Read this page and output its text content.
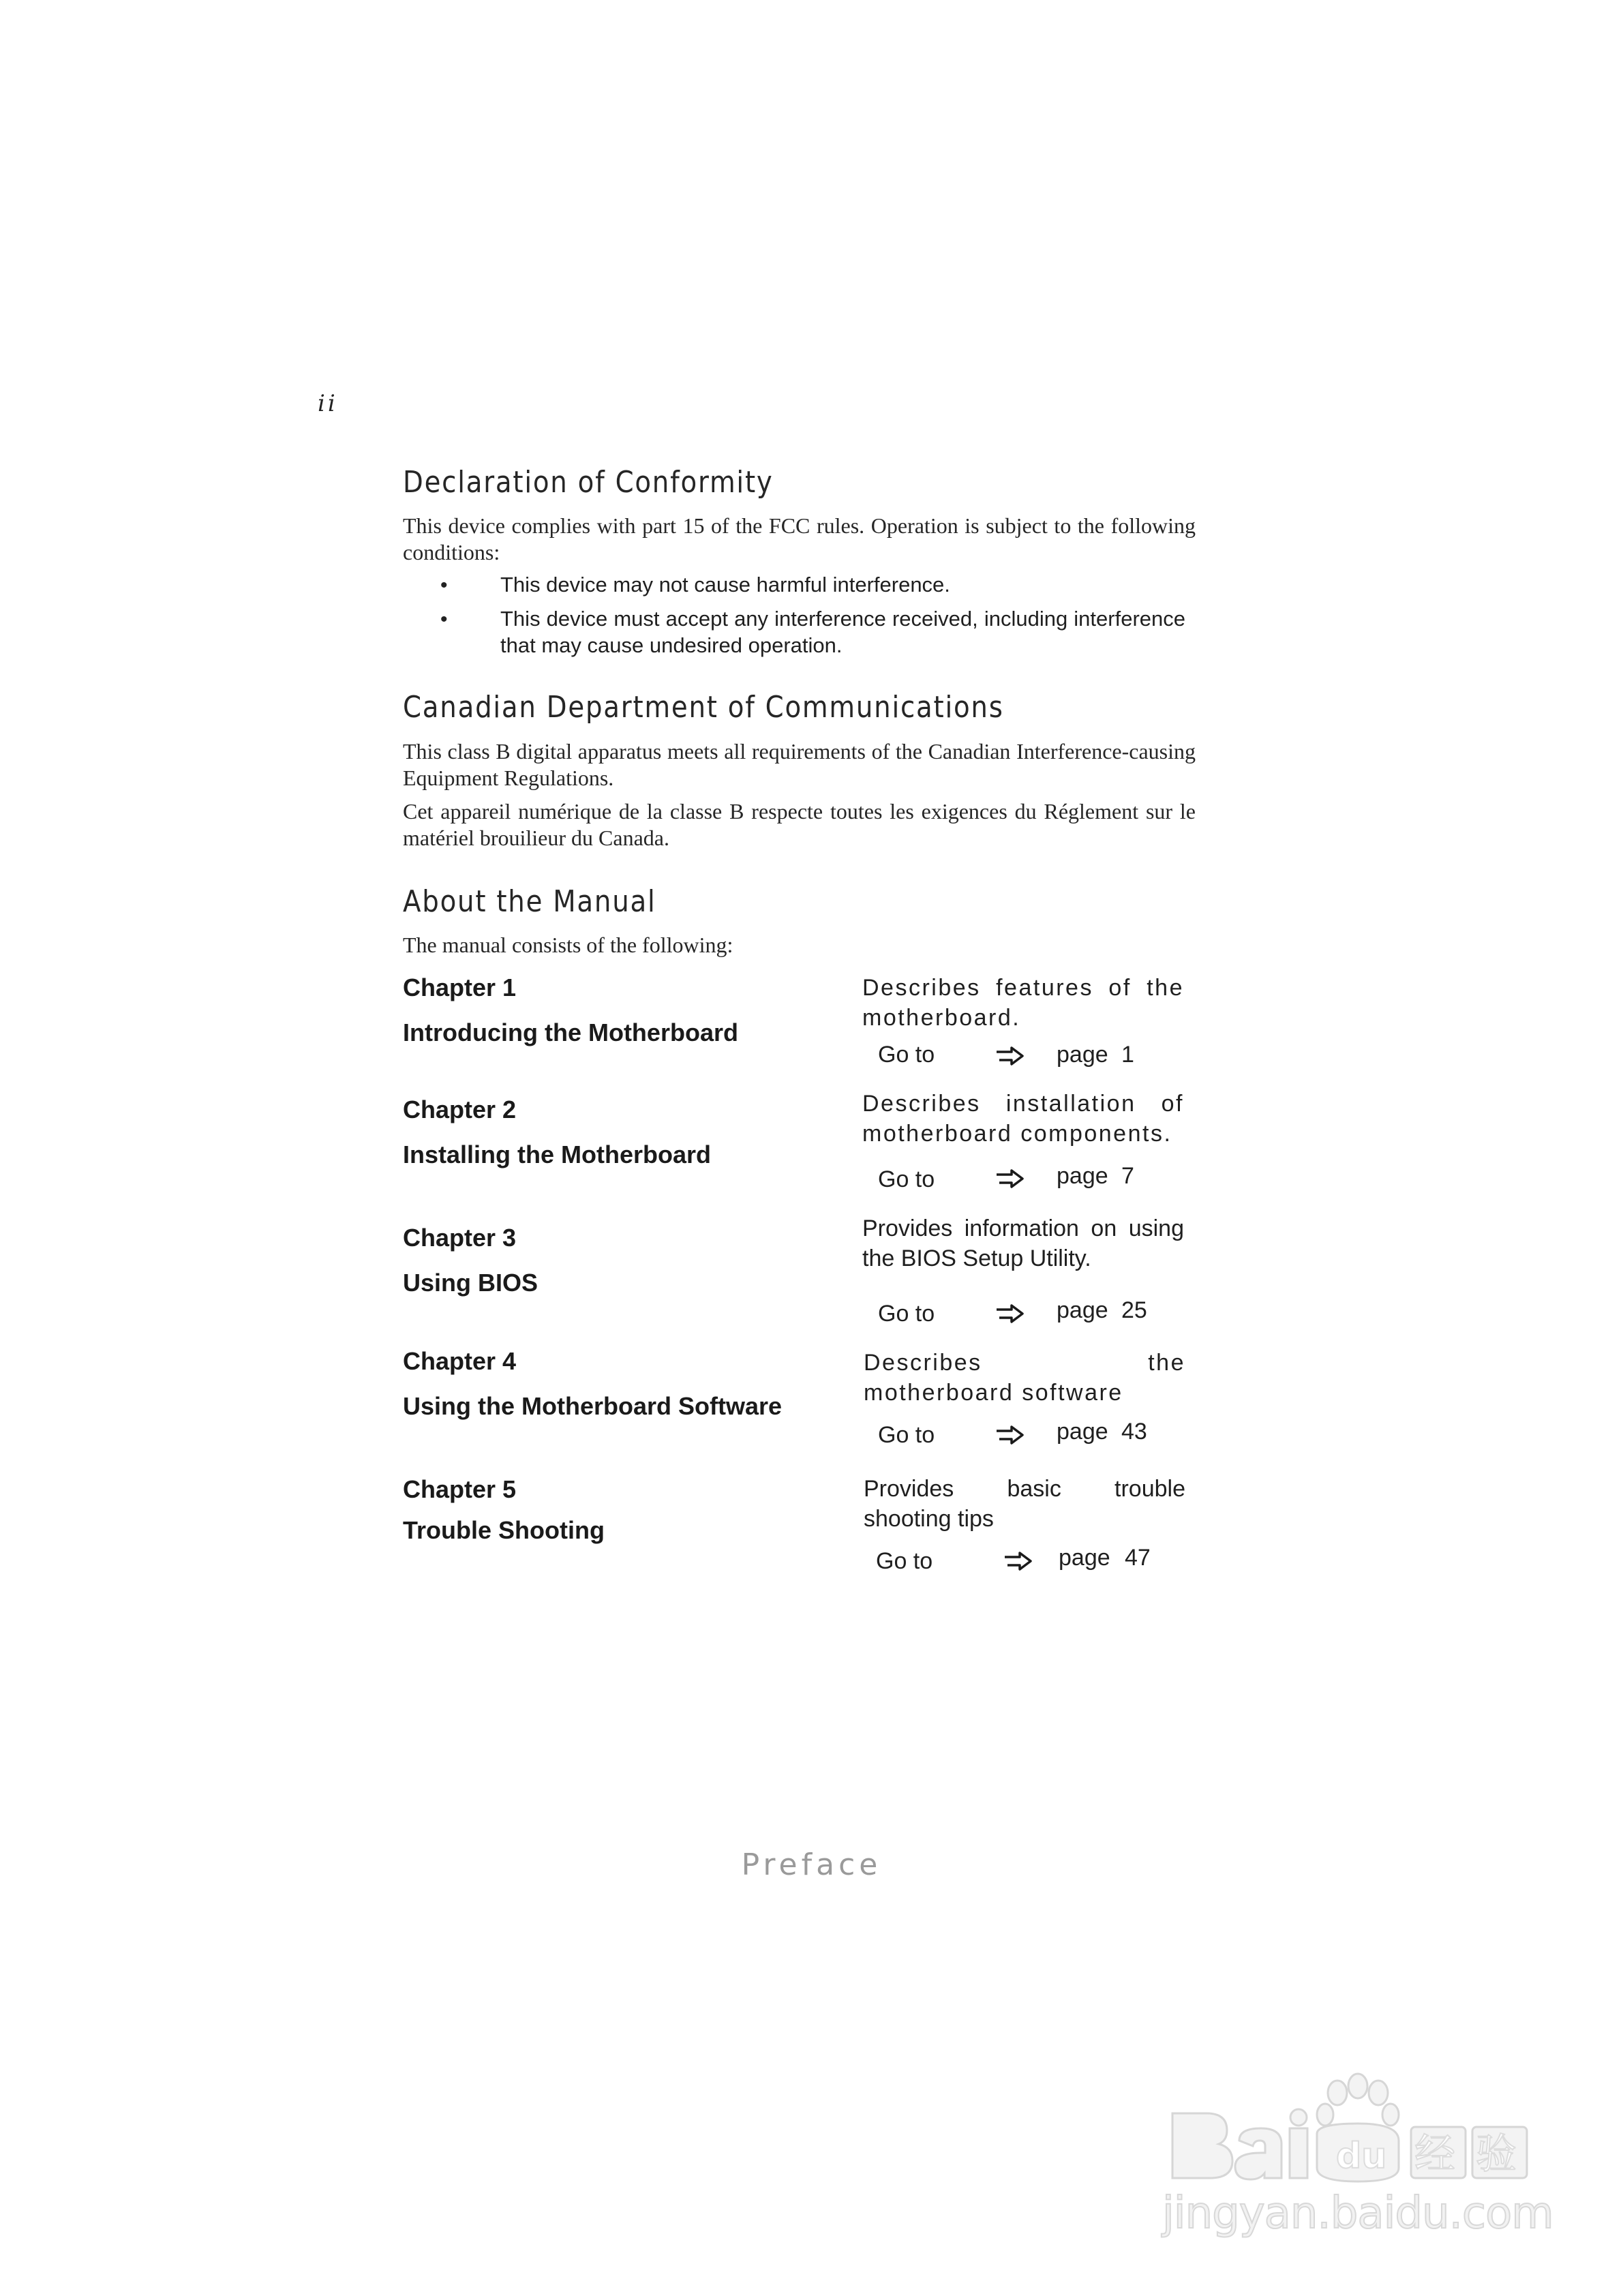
ii
Declaration of Conformity

This device complies with part 15 of the FCC rules. Operation is subject to the following conditions:

• This device may not cause harmful interference.
• This device must accept any interference received, including interference that may cause undesired operation.
Canadian Department of Communications

This class B digital apparatus meets all requirements of the Canadian Interference-causing Equipment Regulations.

Cet appareil numérique de la classe B respecte toutes les exigences du Réglement sur le matériel brouilieur du Canada.

About the Manual

The manual consists of the following:

Chapter 1
Introducing the Motherboard
Describes features of the motherboard.
Go to	page 1
Chapter 2
Installing the Motherboard
Describes installation of motherboard components.
Go to	page 7
Chapter 3
Using BIOS
Provides information on using the BIOS Setup Utility.
Go to	page 25
Chapter 4
Using the Motherboard Software
Describes the motherboard software
Go to	page 43
Chapter 5
Trouble Shooting
Provides basic trouble shooting tips
Go to	page 47
Preface
du 经 验
jingyan.baidu.com
